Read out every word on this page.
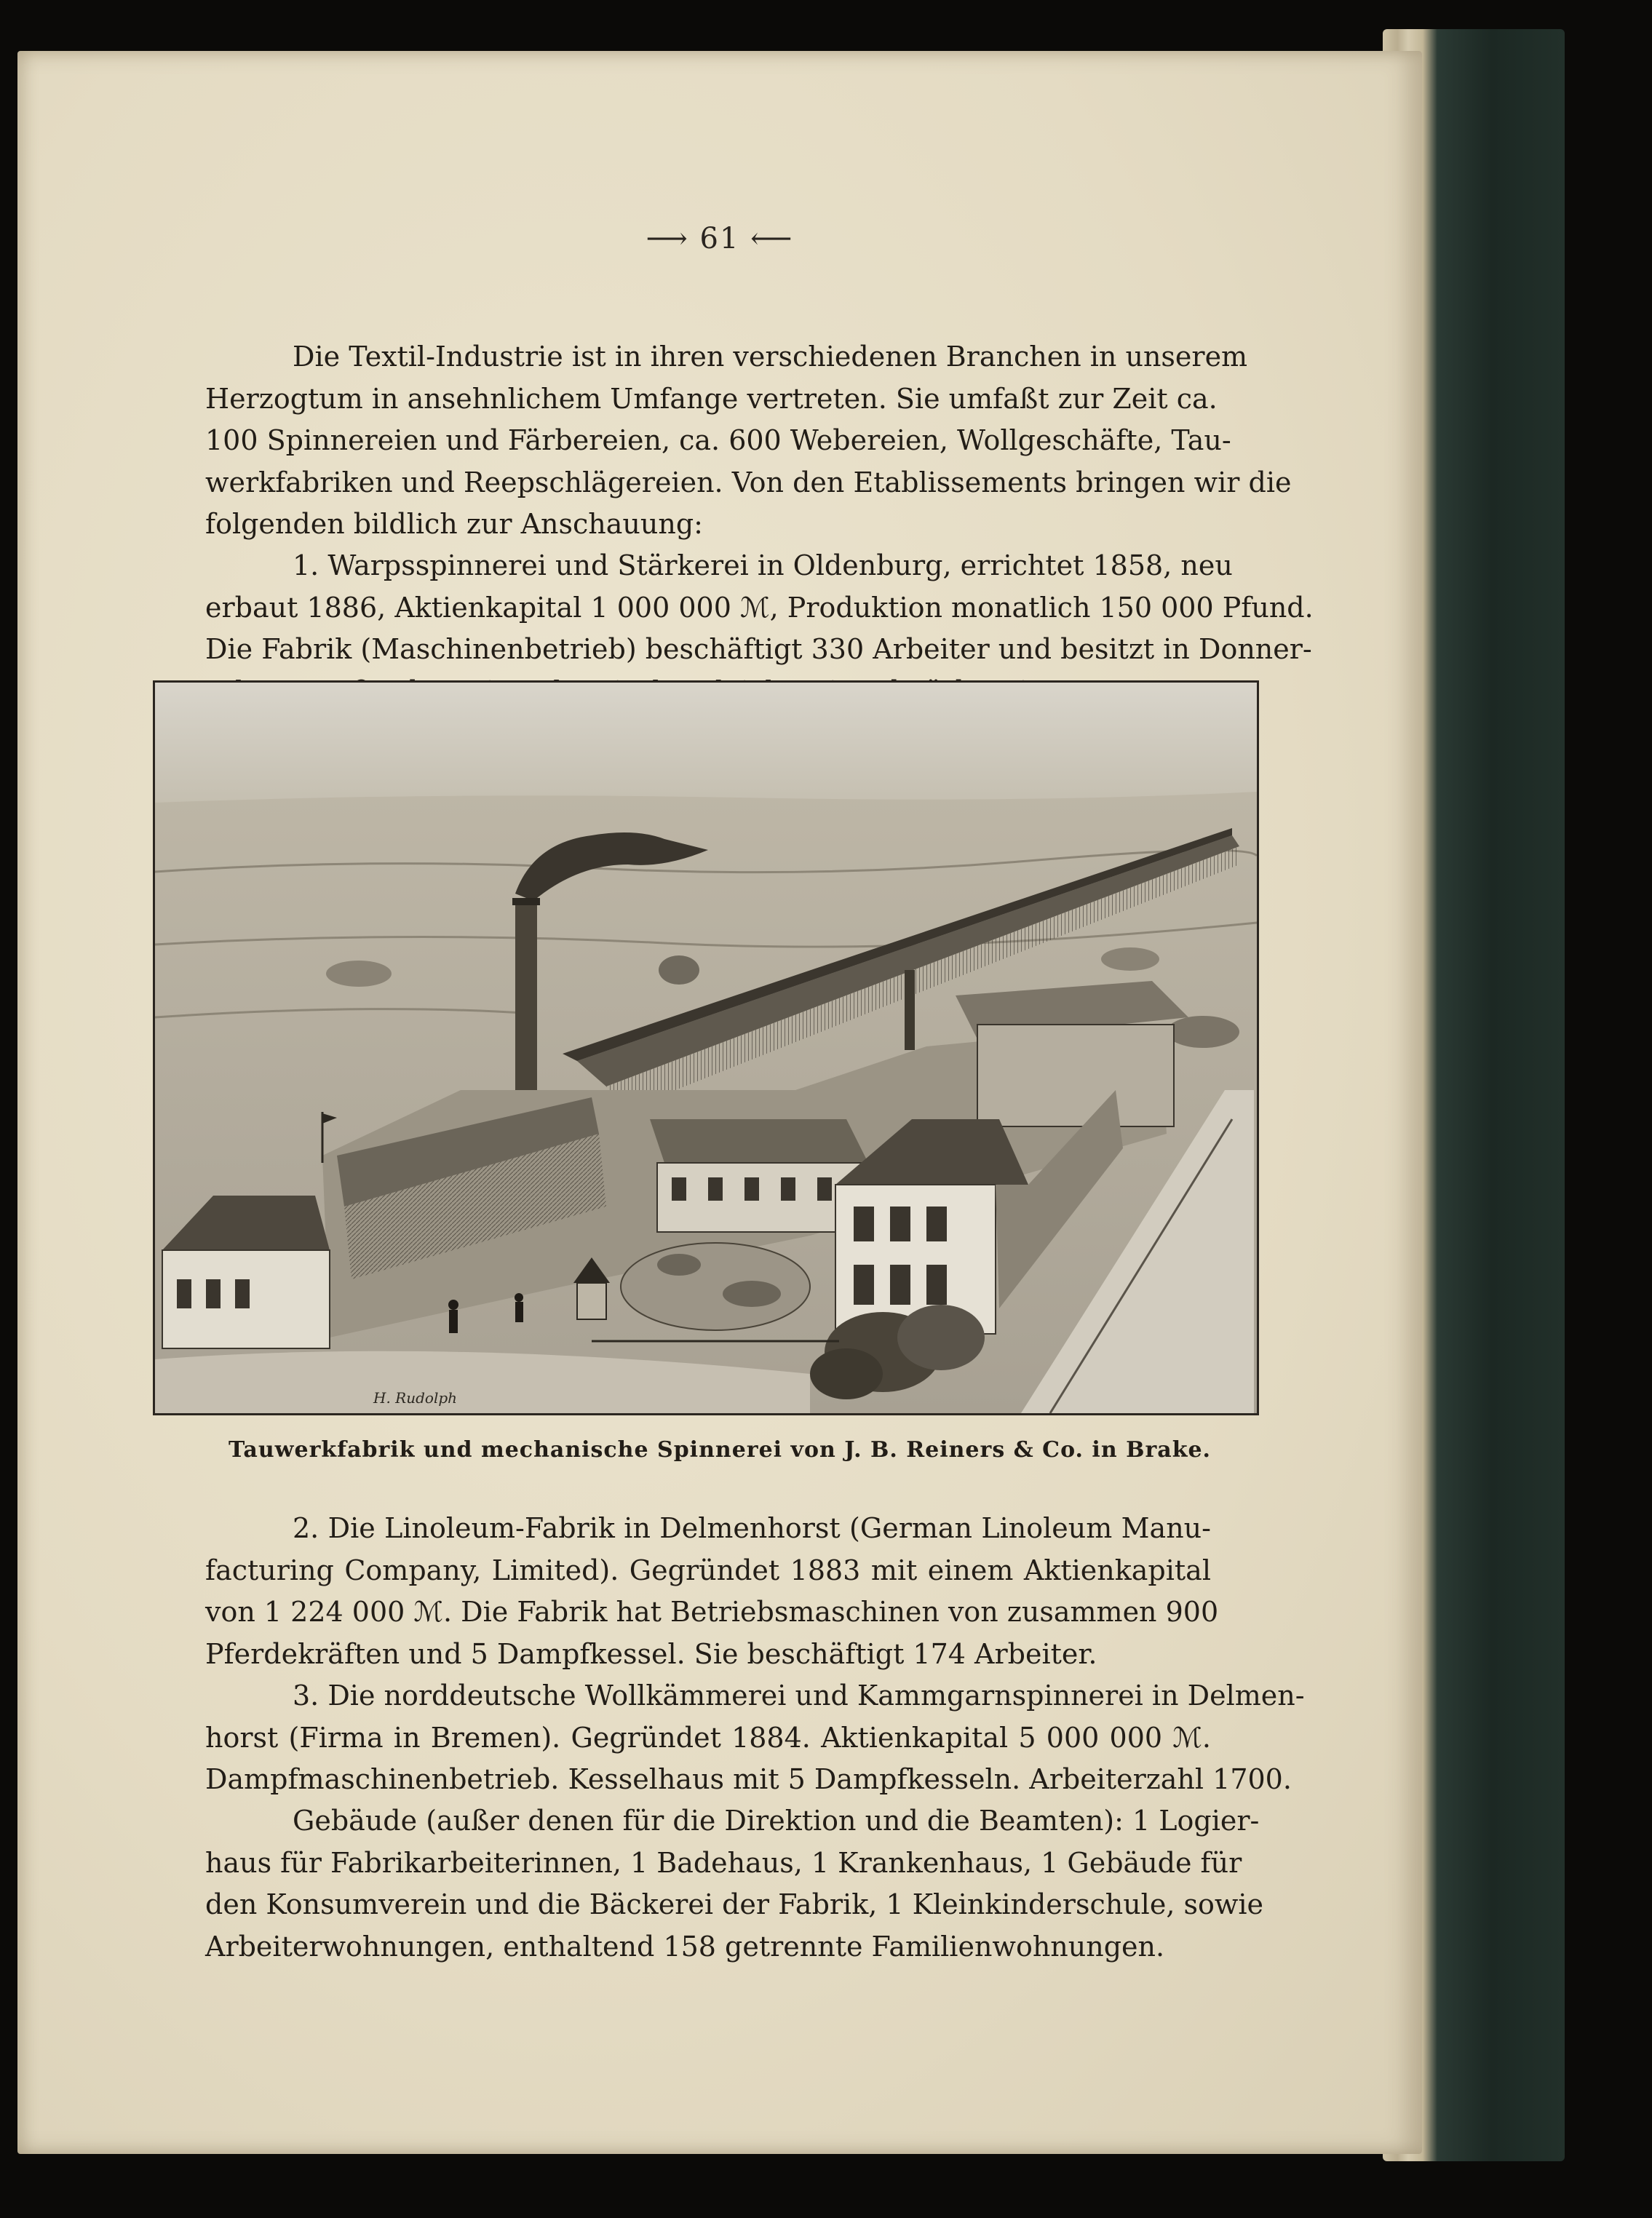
⟶ 61 ⟵
Die Textil-Industrie ist in ihren verschiedenen Branchen in unserem
Herzogtum in ansehnlichem Umfange vertreten. Sie umfaßt zur Zeit ca.
100 Spinnereien und Färbereien, ca. 600 Webereien, Wollgeschäfte, Tau-
werkfabriken und Reepschlägereien. Von den Etablissements bringen wir die
folgenden bildlich zur Anschauung:
1. Warpsspinnerei und Stärkerei in Oldenburg, errichtet 1858, neu
erbaut 1886, Aktienkapital 1 000 000 ℳ, Produktion monatlich 150 000 Pfund.
Die Fabrik (Maschinenbetrieb) beschäftigt 330 Arbeiter und besitzt in Donner-
H. Rudolph
Tauwerkfabrik und mechanische Spinnerei von J. B. Reiners & Co. in Brake.
2. Die Linoleum-Fabrik in Delmenhorst (German Linoleum Manu-
facturing Company, Limited). Gegründet 1883 mit einem Aktienkapital
von 1 224 000 ℳ. Die Fabrik hat Betriebsmaschinen von zusammen 900
Pferdekräften und 5 Dampfkessel. Sie beschäftigt 174 Arbeiter.
3. Die norddeutsche Wollkämmerei und Kammgarnspinnerei in Delmen-
horst (Firma in Bremen). Gegründet 1884. Aktienkapital 5 000 000 ℳ.
Dampfmaschinenbetrieb. Kesselhaus mit 5 Dampfkesseln. Arbeiterzahl 1700.
Gebäude (außer denen für die Direktion und die Beamten): 1 Logier-
haus für Fabrikarbeiterinnen, 1 Badehaus, 1 Krankenhaus, 1 Gebäude für
den Konsumverein und die Bäckerei der Fabrik, 1 Kleinkinderschule, sowie
Arbeiterwohnungen, enthaltend 158 getrennte Familienwohnungen.
